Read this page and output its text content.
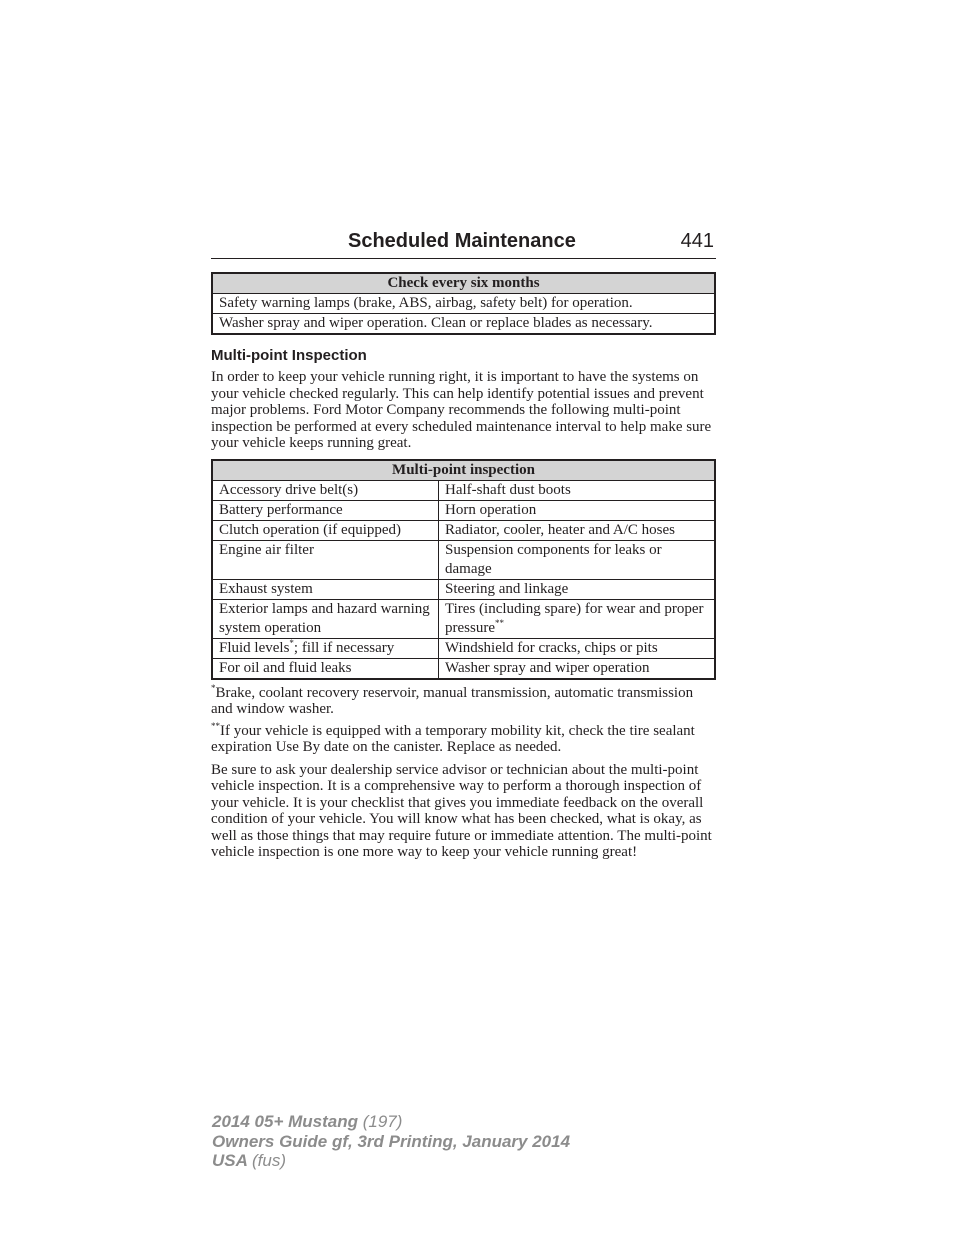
Scheduled Maintenance	441
Check every six months
Safety warning lamps (brake, ABS, airbag, safety belt) for operation.
Washer spray and wiper operation. Clean or replace blades as necessary.
Multi-point Inspection

In order to keep your vehicle running right, it is important to have the systems on your vehicle checked regularly. This can help identify potential issues and prevent major problems. Ford Motor Company recommends the following multi-point inspection be performed at every scheduled maintenance interval to help make sure your vehicle keeps running great.

Multi-point inspection	
Accessory drive belt(s)	Half-shaft dust boots
Battery performance	Horn operation
Clutch operation (if equipped)	Radiator, cooler, heater and A/C hoses
Engine air filter	Suspension components for leaks or damage
Exhaust system	Steering and linkage
Exterior lamps and hazard warning system operation	Tires (including spare) for wear and proper pressure**
Fluid levels*; fill if necessary	Windshield for cracks, chips or pits
For oil and fluid leaks	Washer spray and wiper operation

*Brake, coolant recovery reservoir, manual transmission, automatic transmission and window washer.

**If your vehicle is equipped with a temporary mobility kit, check the tire sealant expiration Use By date on the canister. Replace as needed.

Be sure to ask your dealership service advisor or technician about the multi-point vehicle inspection. It is a comprehensive way to perform a thorough inspection of your vehicle. It is your checklist that gives you immediate feedback on the overall condition of your vehicle. You will know what has been checked, what is okay, as well as those things that may require future or immediate attention. The multi-point vehicle inspection is one more way to keep your vehicle running great!

2014 05+ Mustang (197)
Owners Guide gf, 3rd Printing, January 2014
USA (fus)
